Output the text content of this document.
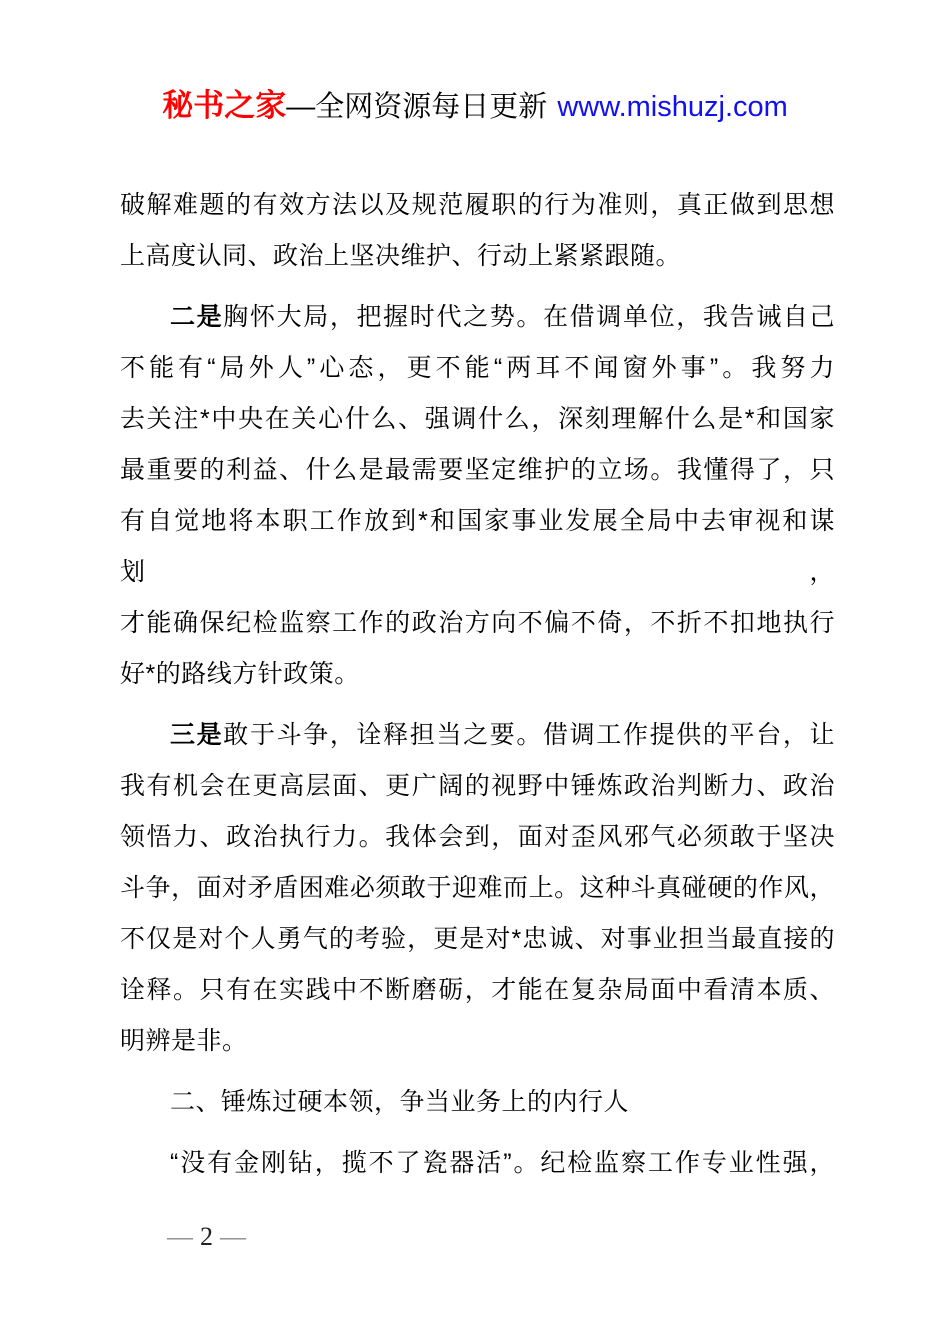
秘书之家—全网资源每日更新 www.mishuzj.com
破解难题的有效方法以及规范履职的行为准则，真正做到思想
上高度认同、政治上坚决维护、行动上紧紧跟随。
二是胸怀大局，把握时代之势。在借调单位，我告诫自己
不能有“局外人”心态，更不能“两耳不闻窗外事”。我努力
去关注*中央在关心什么、强调什么，深刻理解什么是*和国家
最重要的利益、什么是最需要坚定维护的立场。我懂得了，只
有自觉地将本职工作放到*和国家事业发展全局中去审视和谋划，
才能确保纪检监察工作的政治方向不偏不倚，不折不扣地执行
好*的路线方针政策。
三是敢于斗争，诠释担当之要。借调工作提供的平台，让
我有机会在更高层面、更广阔的视野中锤炼政治判断力、政治
领悟力、政治执行力。我体会到，面对歪风邪气必须敢于坚决
斗争，面对矛盾困难必须敢于迎难而上。这种斗真碰硬的作风，
不仅是对个人勇气的考验，更是对*忠诚、对事业担当最直接的
诠释。只有在实践中不断磨砺，才能在复杂局面中看清本质、
明辨是非。
二、锤炼过硬本领，争当业务上的内行人
“没有金刚钻，揽不了瓷器活”。纪检监察工作专业性强，
— 2 —
